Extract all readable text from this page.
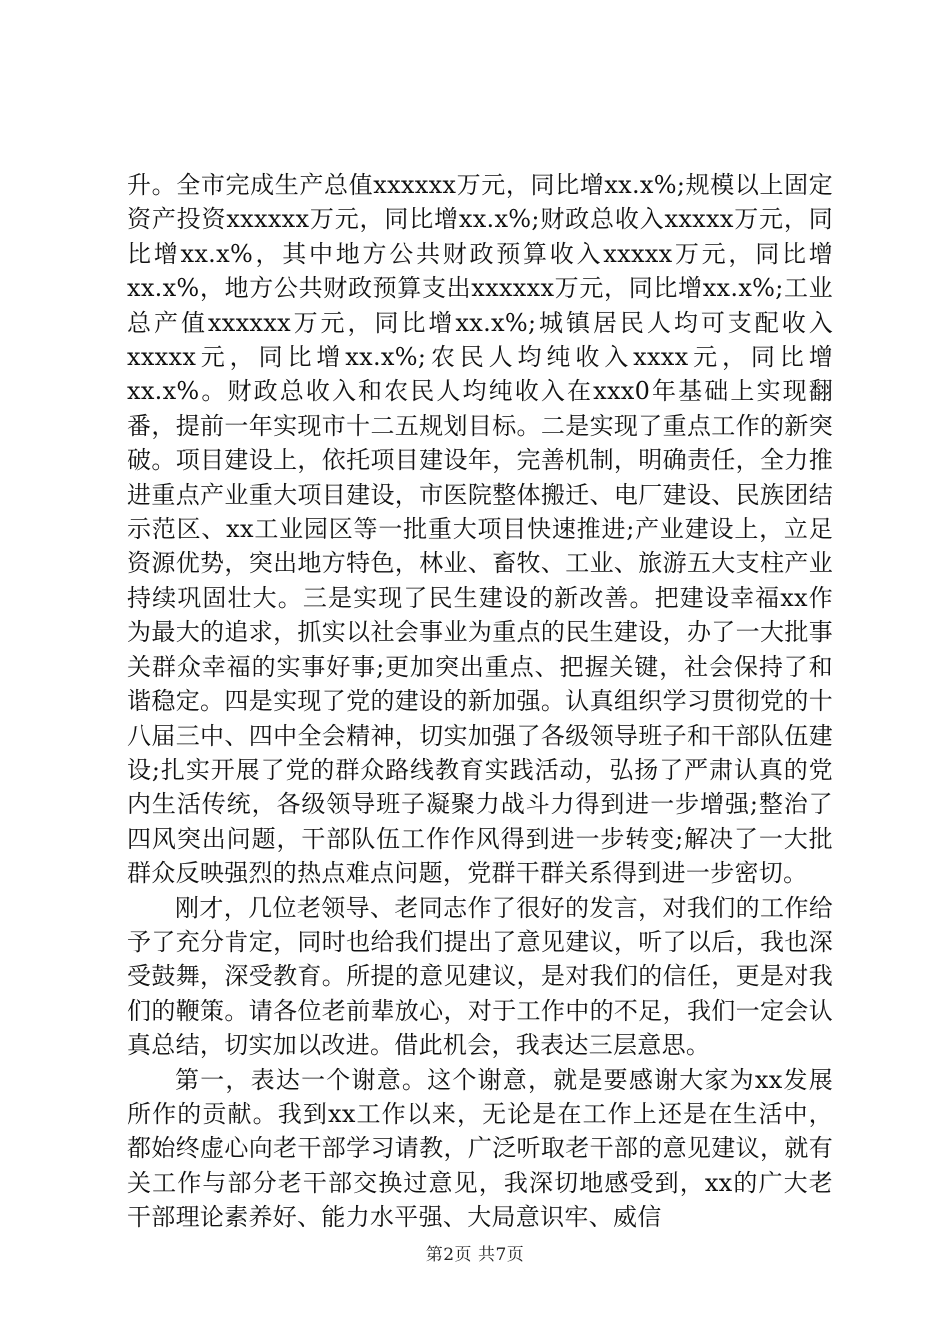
升。全市完成生产总值xxxxxx万元，同比增xx.x%;规模以上固定资产投资xxxxxx万元，同比增xx.x%;财政总收入xxxxx万元，同比增xx.x%，其中地方公共财政预算收入xxxxx万元，同比增xx.x%，地方公共财政预算支出xxxxxx万元，同比增xx.x%;工业总产值xxxxxx万元，同比增xx.x%;城镇居民人均可支配收入xxxxx元，同比增xx.x%;农民人均纯收入xxxx元，同比增xx.x%。财政总收入和农民人均纯收入在xxx0年基础上实现翻番，提前一年实现市十二五规划目标。二是实现了重点工作的新突破。项目建设上，依托项目建设年，完善机制，明确责任，全力推进重点产业重大项目建设，市医院整体搬迁、电厂建设、民族团结示范区、xx工业园区等一批重大项目快速推进;产业建设上，立足资源优势，突出地方特色，林业、畜牧、工业、旅游五大支柱产业持续巩固壮大。三是实现了民生建设的新改善。把建设幸福xx作为最大的追求，抓实以社会事业为重点的民生建设，办了一大批事关群众幸福的实事好事;更加突出重点、把握关键，社会保持了和谐稳定。四是实现了党的建设的新加强。认真组织学习贯彻党的十八届三中、四中全会精神，切实加强了各级领导班子和干部队伍建设;扎实开展了党的群众路线教育实践活动，弘扬了严肃认真的党内生活传统，各级领导班子凝聚力战斗力得到进一步增强;整治了四风突出问题，干部队伍工作作风得到进一步转变;解决了一大批群众反映强烈的热点难点问题，党群干群关系得到进一步密切。

刚才，几位老领导、老同志作了很好的发言，对我们的工作给予了充分肯定，同时也给我们提出了意见建议，听了以后，我也深受鼓舞，深受教育。所提的意见建议，是对我们的信任，更是对我们的鞭策。请各位老前辈放心，对于工作中的不足，我们一定会认真总结，切实加以改进。借此机会，我表达三层意思。

第一，表达一个谢意。这个谢意，就是要感谢大家为xx发展所作的贡献。我到xx工作以来，无论是在工作上还是在生活中，都始终虚心向老干部学习请教，广泛听取老干部的意见建议，就有关工作与部分老干部交换过意见，我深切地感受到，xx的广大老干部理论素养好、能力水平强、大局意识牢、威信

第2页 共7页
